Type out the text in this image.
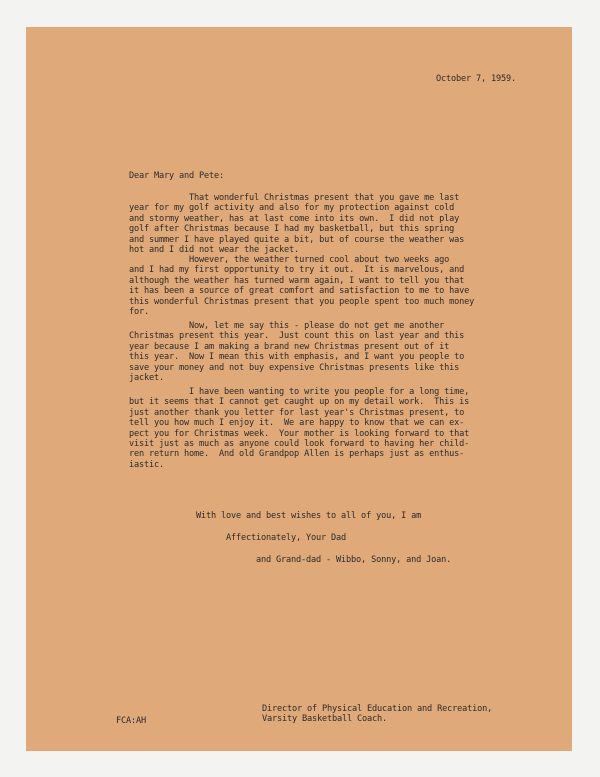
October 7, 1959.
Dear Mary and Pete:
That wonderful Christmas present that you gave me last
year for my golf activity and also for my protection against cold
and stormy weather, has at last come into its own.  I did not play
golf after Christmas because I had my basketball, but this spring
and summer I have played quite a bit, but of course the weather was
hot and I did not wear the jacket.
However, the weather turned cool about two weeks ago
and I had my first opportunity to try it out.  It is marvelous, and
although the weather has turned warm again, I want to tell you that
it has been a source of great comfort and satisfaction to me to have
this wonderful Christmas present that you people spent too much money
for.
Now, let me say this - please do not get me another
Christmas present this year.  Just count this on last year and this
year because I am making a brand new Christmas present out of it
this year.  Now I mean this with emphasis, and I want you people to
save your money and not buy expensive Christmas presents like this
jacket.
I have been wanting to write you people for a long time,
but it seems that I cannot get caught up on my detail work.  This is
just another thank you letter for last year's Christmas present, to
tell you how much I enjoy it.  We are happy to know that we can ex-
pect you for Christmas week.  Your mother is looking forward to that
visit just as much as anyone could look forward to having her child-
ren return home.  And old Grandpop Allen is perhaps just as enthus-
iastic.
With love and best wishes to all of you, I am
Affectionately, Your Dad
and Grand-dad - Wibbo, Sonny, and Joan.
FCA:AH
Director of Physical Education and Recreation,
Varsity Basketball Coach.
